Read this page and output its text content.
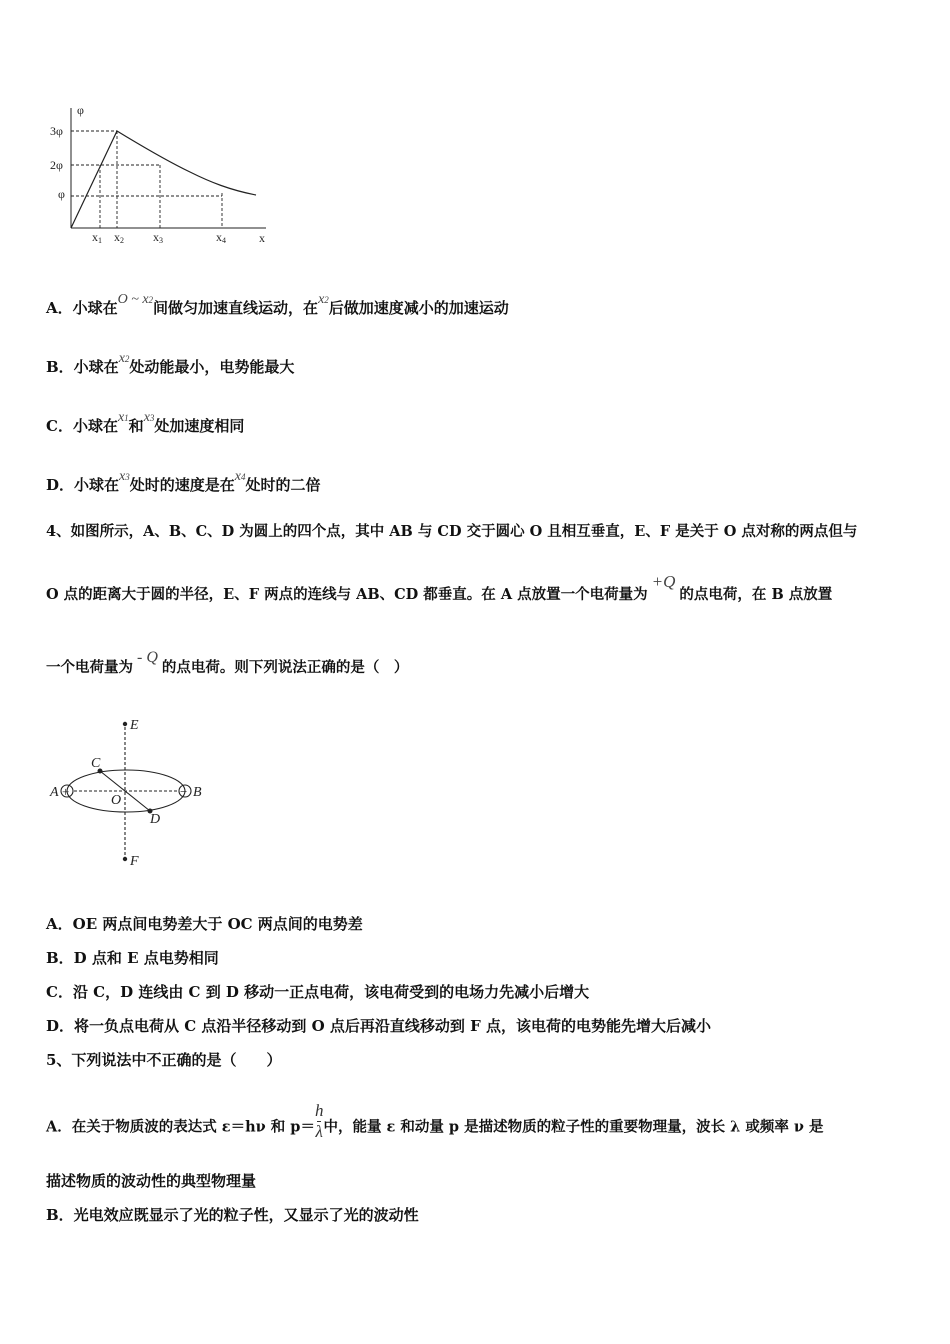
φ
x
3φ
2φ
φ
x1 x2 x3	x4
A．小球在O ~ x2间做匀加速直线运动，在x2后做加速度减小的加速运动
B．小球在x2处动能最小，电势能最大
C．小球在x1和x3处加速度相同
D．小球在x3处时的速度是在x4处时的二倍
4、如图所示，A、B、C、D 为圆上的四个点，其中 AB 与 CD 交于圆心 O 且相互垂直，E、F 是关于 O 点对称的两点但与
O 点的距离大于圆的半径，E、F 两点的连线与 AB、CD 都垂直。在 A 点放置一个电荷量为+Q的点电荷，在 B 点放置
一个电荷量为- Q的点电荷。则下列说法正确的是（　）
+	−
E
C
A
O
B
D
F
A．OE 两点间电势差大于 OC 两点间的电势差
B．D 点和 E 点电势相同
C．沿 C，D 连线由 C 到 D 移动一正点电荷，该电荷受到的电场力先减小后增大
D．将一负点电荷从 C 点沿半径移动到 O 点后再沿直线移动到 F 点，该电荷的电势能先增大后减小
5、下列说法中不正确的是（　　）
A．在关于物质波的表达式 ε＝hν 和 $p= \frac{h}{\lambda}$ 中，能量 ε 和动量 p 是描述物质的粒子性的重要物理量，波长 λ 或频率 ν 是
描述物质的波动性的典型物理量
B．光电效应既显示了光的粒子性，又显示了光的波动性
